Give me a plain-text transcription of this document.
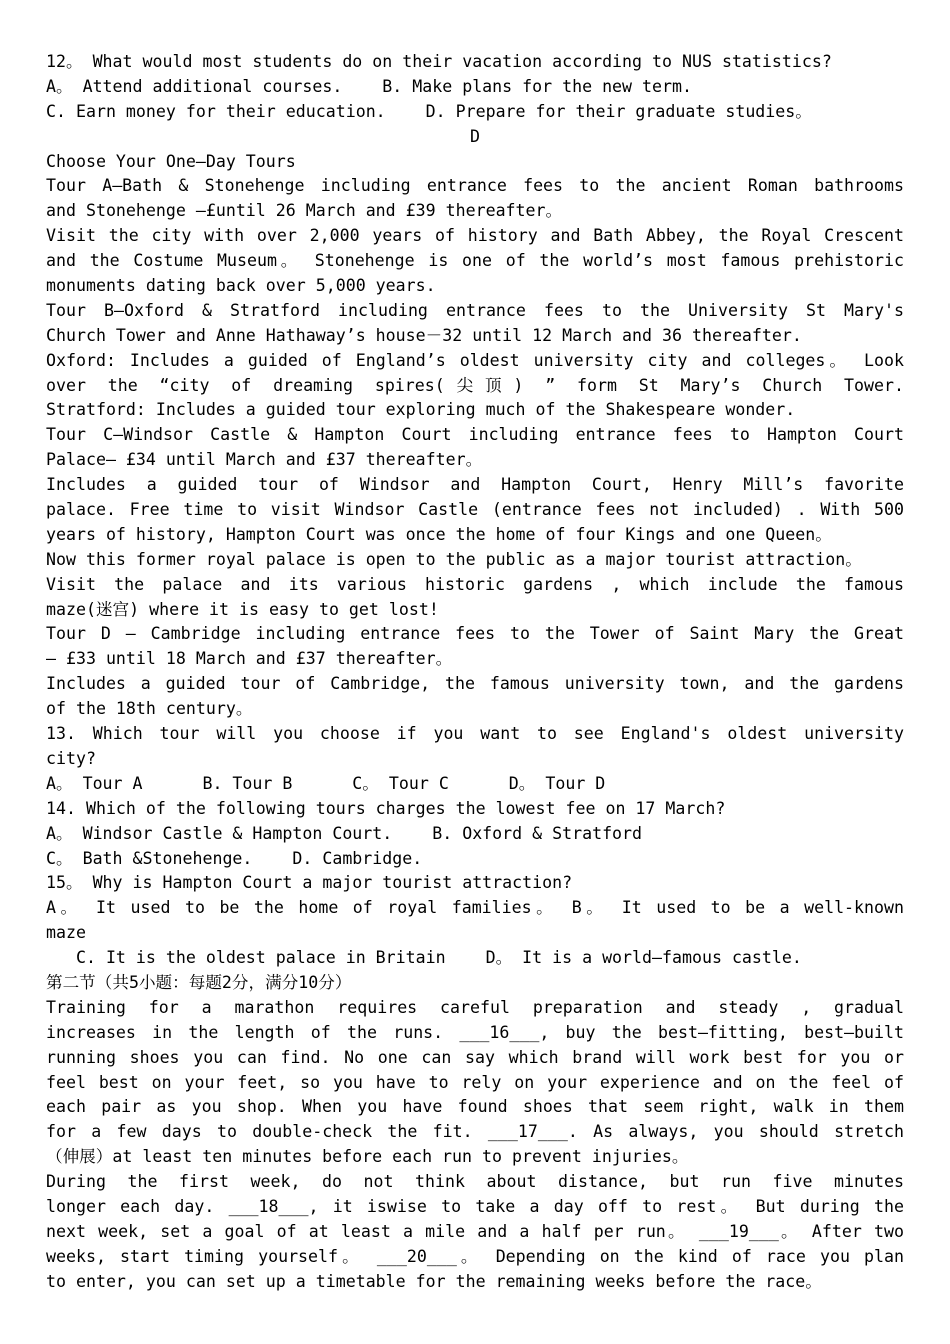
12。 What would most students do on their vacation according to NUS statistics?
A。 Attend additional courses.    B. Make plans for the new term.
C. Earn money for their education.    D. Prepare for their graduate studies。
D
Choose Your One—Day Tours
Tour A—Bath & Stonehenge including entrance fees to the ancient Roman bathrooms
and Stonehenge —£until 26 March and £39 thereafter。
Visit the city with over 2,000 years of history and Bath Abbey, the Royal Crescent
and the Costume Museum。 Stonehenge is one of the world’s most famous prehistoric
monuments dating back over 5,000 years.
Tour B—Oxford & Stratford including entrance fees to the University St Mary's
Church Tower and Anne Hathaway’s house－32 until 12 March and 36 thereafter.
Oxford: Includes a guided of England’s oldest university city and colleges。 Look
over the “city of dreaming spires(尖顶) ” form St Mary’s Church Tower.
Stratford: Includes a guided tour exploring much of the Shakespeare wonder.
Tour C—Windsor Castle & Hampton Court including entrance fees to Hampton Court
Palace— £34 until March and £37 thereafter。
Includes a guided tour of Windsor and Hampton Court, Henry Mill’s favorite
palace. Free time to visit Windsor Castle (entrance fees not included) . With 500
years of history, Hampton Court was once the home of four Kings and one Queen。
Now this former royal palace is open to the public as a major tourist attraction。
Visit the palace and its various historic gardens , which include the famous
maze(迷宫) where it is easy to get lost!
Tour D — Cambridge including entrance fees to the Tower of Saint Mary the Great
— £33 until 18 March and £37 thereafter。
Includes a guided tour of Cambridge, the famous university town, and the gardens
of the 18th century。
13. Which tour will you choose if you want to see England's oldest university
city?
A。 Tour A      B. Tour B      C。 Tour C      D。 Tour D
14. Which of the following tours charges the lowest fee on 17 March?
A。 Windsor Castle & Hampton Court.    B. Oxford & Stratford
C。 Bath &Stonehenge.    D. Cambridge.
15。 Why is Hampton Court a major tourist attraction?
A。 It used to be the home of royal families。 B。 It used to be a well-known
maze
C. It is the oldest palace in Britain    D。 It is a world—famous castle.
第二节（共5小题：每题2分，满分10分）
Training for a marathon requires careful preparation and steady , gradual
increases in the length of the runs. ___16___, buy the best—fitting, best—built
running shoes you can find. No one can say which brand will work best for you or
feel best on your feet, so you have to rely on your experience and on the feel of
each pair as you shop. When you have found shoes that seem right, walk in them
for a few days to double-check the fit. ___17___. As always, you should stretch
（伸展）at least ten minutes before each run to prevent injuries。
During the first week, do not think about distance, but run five minutes
longer each day. ___18___, it iswise to take a day off to rest。 But during the
next week, set a goal of at least a mile and a half per run。 ___19___。 After two
weeks, start timing yourself。 ___20___。 Depending on the kind of race you plan
to enter, you can set up a timetable for the remaining weeks before the race。
